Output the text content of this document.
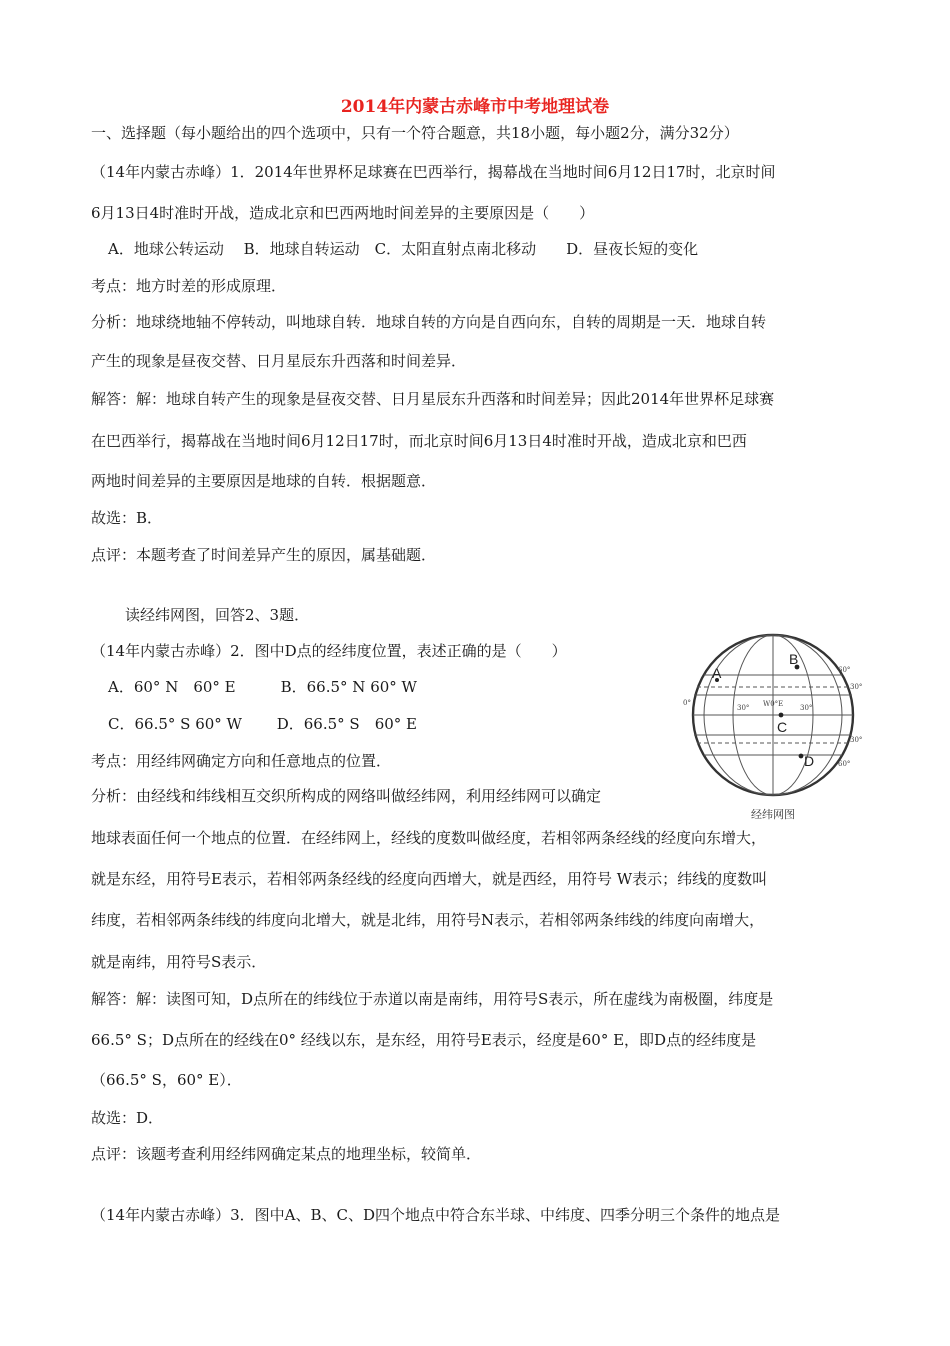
2014年内蒙古赤峰市中考地理试卷
一、选择题（每小题给出的四个选项中，只有一个符合题意，共18小题，每小题2分，满分32分）
（14年内蒙古赤峰）1．2014年世界杯足球赛在巴西举行，揭幕战在当地时间6月12日17时，北京时间
6月13日4时准时开战，造成北京和巴西两地时间差异的主要原因是（　　）
A．地球公转运动　 B．地球自转运动　C．太阳直射点南北移动　　D．昼夜长短的变化
考点：地方时差的形成原理．
分析：地球绕地轴不停转动，叫地球自转．地球自转的方向是自西向东，自转的周期是一天．地球自转
产生的现象是昼夜交替、日月星辰东升西落和时间差异．
解答：解：地球自转产生的现象是昼夜交替、日月星辰东升西落和时间差异；因此2014年世界杯足球赛
在巴西举行，揭幕战在当地时间6月12日17时，而北京时间6月13日4时准时开战，造成北京和巴西
两地时间差异的主要原因是地球的自转．根据题意．
故选：B．
点评：本题考查了时间差异产生的原因，属基础题．
读经纬网图，回答2、3题．
（14年内蒙古赤峰）2．图中D点的经纬度位置，表述正确的是（　　）
A．60° N　60° E　　　B．66.5° N 60° W
C．66.5° S 60° W　　 D．66.5° S　60° E
考点：用经纬网确定方向和任意地点的位置．
分析：由经线和纬线相互交织所构成的网络叫做经纬网，利用经纬网可以确定
地球表面任何一个地点的位置．在经纬网上，经线的度数叫做经度，若相邻两条经线的经度向东增大，
就是东经，用符号E表示，若相邻两条经线的经度向西增大，就是西经，用符号 W表示；纬线的度数叫
纬度，若相邻两条纬线的纬度向北增大，就是北纬，用符号N表示，若相邻两条纬线的纬度向南增大，
就是南纬，用符号S表示．
解答：解：读图可知，D点所在的纬线位于赤道以南是南纬，用符号S表示，所在虚线为南极圈，纬度是
66.5° S；D点所在的经线在0° 经线以东，是东经，用符号E表示，经度是60° E，即D点的经纬度是
（66.5° S，60° E）．
故选：D．
点评：该题考查利用经纬网确定某点的地理坐标，较简单．
（14年内蒙古赤峰）3．图中A、B、C、D四个地点中符合东半球、中纬度、四季分明三个条件的地点是
A
B
C
D
60°
30°
0°
30°
60°
30° W0°E 30°
经纬网图
